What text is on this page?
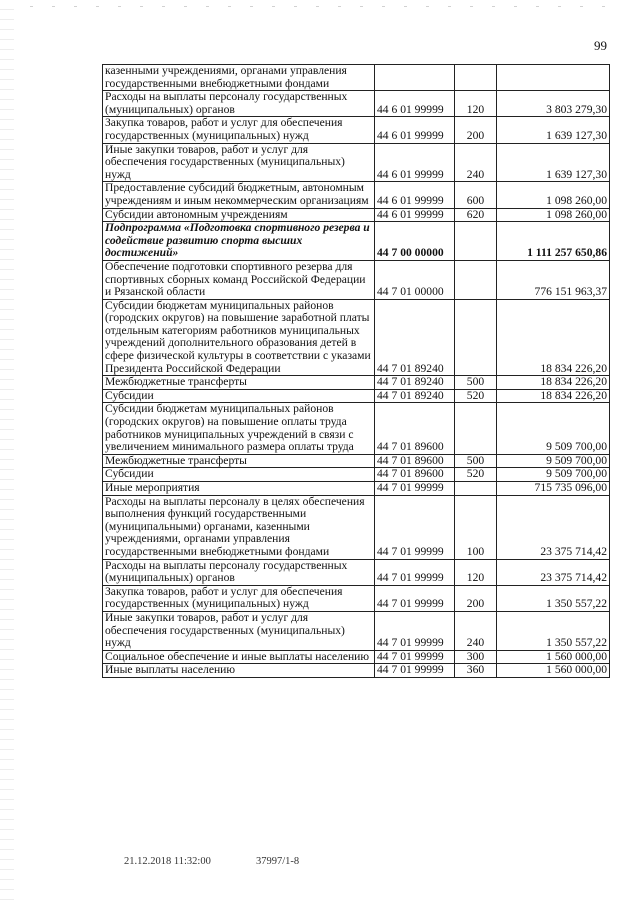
99
казенными учреждениями, органами управления государственными внебюджетными фондами			
Расходы на выплаты персоналу государственных (муниципальных) органов	44 6 01 99999	120	3 803 279,30
Закупка товаров, работ и услуг для обеспечения государственных (муниципальных) нужд	44 6 01 99999	200	1 639 127,30
Иные закупки товаров, работ и услуг для обеспечения государственных (муниципальных) нужд	44 6 01 99999	240	1 639 127,30
Предоставление субсидий бюджетным, автономным учреждениям и иным некоммерческим организациям	44 6 01 99999	600	1 098 260,00
Субсидии автономным учреждениям	44 6 01 99999	620	1 098 260,00
Подпрограмма «Подготовка спортивного резерва и содействие развитию спорта высших достижений»	44 7 00 00000		1 111 257 650,86
Обеспечение подготовки спортивного резерва для спортивных сборных команд Российской Федерации и Рязанской области	44 7 01 00000		776 151 963,37
Субсидии бюджетам муниципальных районов (городских округов) на повышение заработной платы отдельным категориям работников муниципальных учреждений дополнительного образования детей в сфере физической культуры в соответствии с указами Президента Российской Федерации	44 7 01 89240		18 834 226,20
Межбюджетные трансферты	44 7 01 89240	500	18 834 226,20
Субсидии	44 7 01 89240	520	18 834 226,20
Субсидии бюджетам муниципальных районов (городских округов) на повышение оплаты труда работников муниципальных учреждений в связи с увеличением минимального размера оплаты труда	44 7 01 89600		9 509 700,00
Межбюджетные трансферты	44 7 01 89600	500	9 509 700,00
Субсидии	44 7 01 89600	520	9 509 700,00
Иные мероприятия	44 7 01 99999		715 735 096,00
Расходы на выплаты персоналу в целях обеспечения выполнения функций государственными (муниципальными) органами, казенными учреждениями, органами управления государственными внебюджетными фондами	44 7 01 99999	100	23 375 714,42
Расходы на выплаты персоналу государственных (муниципальных) органов	44 7 01 99999	120	23 375 714,42
Закупка товаров, работ и услуг для обеспечения государственных (муниципальных) нужд	44 7 01 99999	200	1 350 557,22
Иные закупки товаров, работ и услуг для обеспечения государственных (муниципальных) нужд	44 7 01 99999	240	1 350 557,22
Социальное обеспечение и иные выплаты населению	44 7 01 99999	300	1 560 000,00
Иные выплаты населению	44 7 01 99999	360	1 560 000,00
21.12.2018 11:32:00	37997/1-8
